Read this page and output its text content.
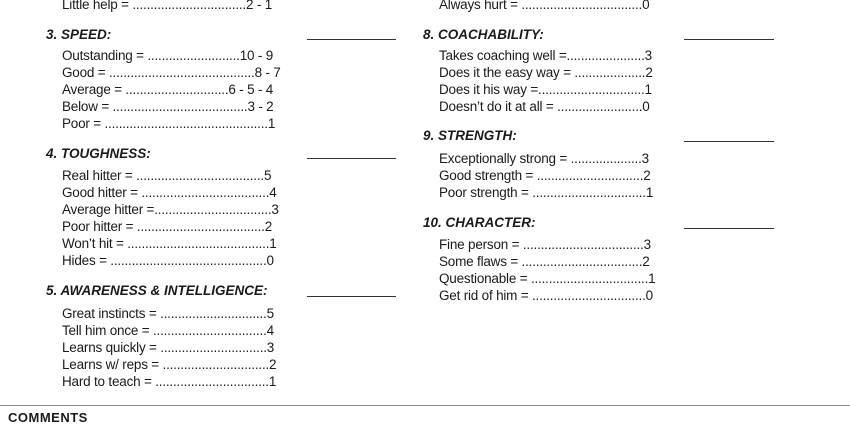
Little help = ................................2 - 1
3. SPEED:
Outstanding = ..........................10 - 9
Good = .........................................8 - 7
Average = .............................6 - 5 - 4
Below = ......................................3 - 2
Poor = ..............................................1
4. TOUGHNESS:
Real hitter = ....................................5
Good hitter = ....................................4
Average hitter =.................................3
Poor hitter = ....................................2
Won’t hit = ........................................1
Hides = ............................................0
5. AWARENESS & INTELLIGENCE:
Great instincts = ..............................5
Tell him once = ................................4
Learns quickly = ..............................3
Learns w/ reps = ..............................2
Hard to teach = ................................1
Always hurt = ..................................0
8. COACHABILITY:
Takes coaching well =......................3
Does it the easy way = ....................2
Does it his way =..............................1
Doesn’t do it at all = ........................0
9. STRENGTH:
Exceptionally strong = ....................3
Good strength = ..............................2
Poor strength = ................................1
10. CHARACTER:
Fine person = ..................................3
Some flaws = ..................................2
Questionable = .................................1
Get rid of him = ................................0
COMMENTS
